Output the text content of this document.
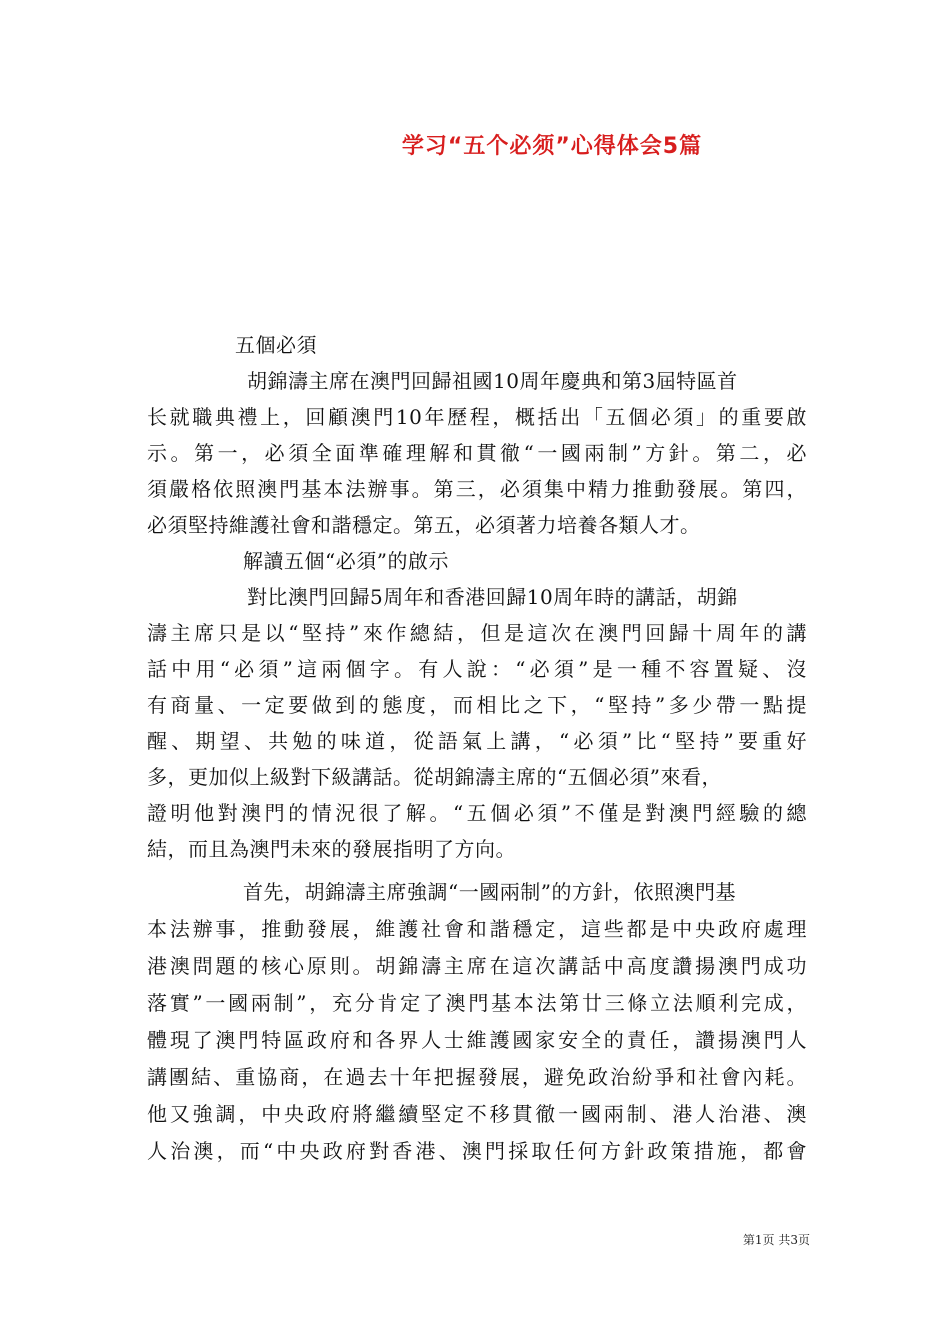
学习“五个必须”心得体会5篇
五個必須
胡錦濤主席在澳門回歸祖國10周年慶典和第3屆特區首
长就職典禮上，回顧澳門10年歷程，概括出「五個必須」的重要啟
示。第一，必須全面準確理解和貫徹“一國兩制”方針。第二，必
須嚴格依照澳門基本法辦事。第三，必須集中精力推動發展。第四，
必須堅持維護社會和諧穩定。第五，必須著力培養各類人才。
解讀五個“必須”的啟示
對比澳門回歸5周年和香港回歸10周年時的講話，胡錦
濤主席只是以“堅持”來作總結，但是這次在澳門回歸十周年的講
話中用“必須”這兩個字。有人說：“必須”是一種不容置疑、沒
有商量、一定要做到的態度，而相比之下，“堅持”多少帶一點提
醒、期望、共勉的味道，從語氣上講，“必須”比“堅持”要重好
多，更加似上級對下級講話。從胡錦濤主席的“五個必須”來看，
證明他對澳門的情況很了解。“五個必須”不僅是對澳門經驗的總
結，而且為澳門未來的發展指明了方向。
首先，胡錦濤主席強調“一國兩制”的方針，依照澳門基
本法辦事，推動發展，維護社會和諧穩定，這些都是中央政府處理
港澳問題的核心原則。胡錦濤主席在這次講話中高度讚揚澳門成功
落實”一國兩制”，充分肯定了澳門基本法第廿三條立法順利完成，
體現了澳門特區政府和各界人士維護國家安全的責任，讚揚澳門人
講團結、重協商，在過去十年把握發展，避免政治紛爭和社會內耗。
他又強調，中央政府將繼續堅定不移貫徹一國兩制、港人治港、澳
人治澳，而“中央政府對香港、澳門採取任何方針政策措施，都會
第1页 共3页
